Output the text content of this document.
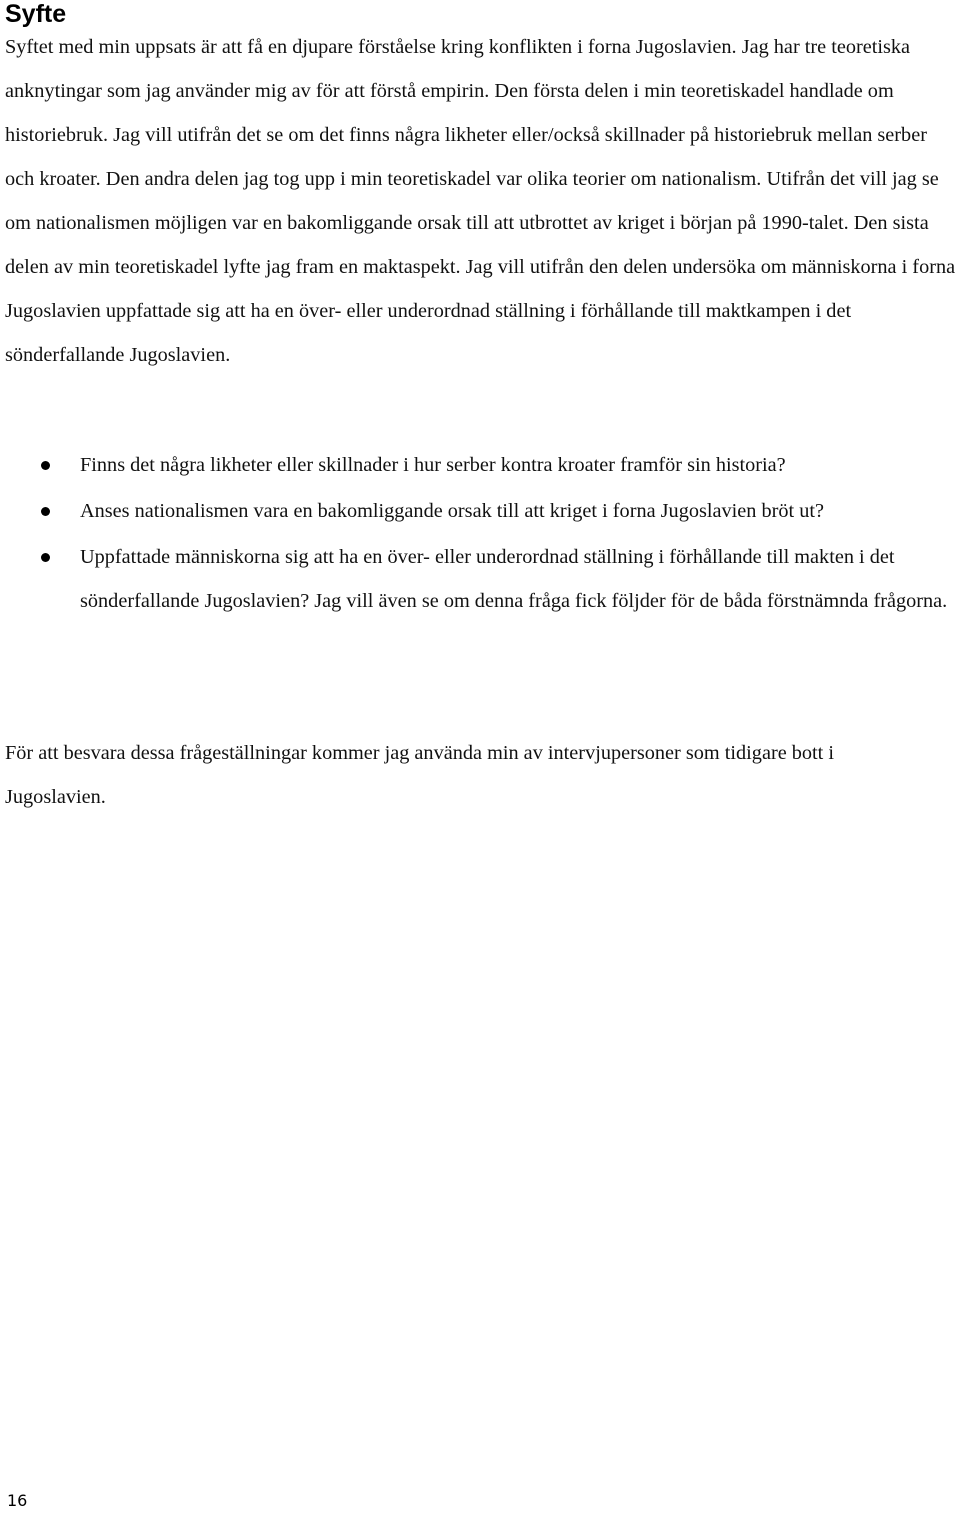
Syfte

Syftet med min uppsats är att få en djupare förståelse kring konflikten i forna Jugoslavien. Jag har tre teoretiska anknytingar som jag använder mig av för att förstå empirin. Den första delen i min teoretiskadel handlade om historiebruk. Jag vill utifrån det se om det finns några likheter eller/också skillnader på historiebruk mellan serber och kroater. Den andra delen jag tog upp i min teoretiskadel var olika teorier om nationalism. Utifrån det vill jag se om nationalismen möjligen var en bakomliggande orsak till att utbrottet av kriget i början på 1990-talet. Den sista delen av min teoretiskadel lyfte jag fram en maktaspekt. Jag vill utifrån den delen undersöka om människorna i forna Jugoslavien uppfattade sig att ha en över- eller underordnad ställning i förhållande till maktkampen i det sönderfallande Jugoslavien.

Finns det några likheter eller skillnader i hur serber kontra kroater framför sin historia?
Anses nationalismen vara en bakomliggande orsak till att kriget i forna Jugoslavien bröt ut?
Uppfattade människorna sig att ha en över- eller underordnad ställning i förhållande till makten i det sönderfallande Jugoslavien? Jag vill även se om denna fråga fick följder för de båda förstnämnda frågorna.

För att besvara dessa frågeställningar kommer jag använda min av intervjupersoner som tidigare bott i Jugoslavien.

16
